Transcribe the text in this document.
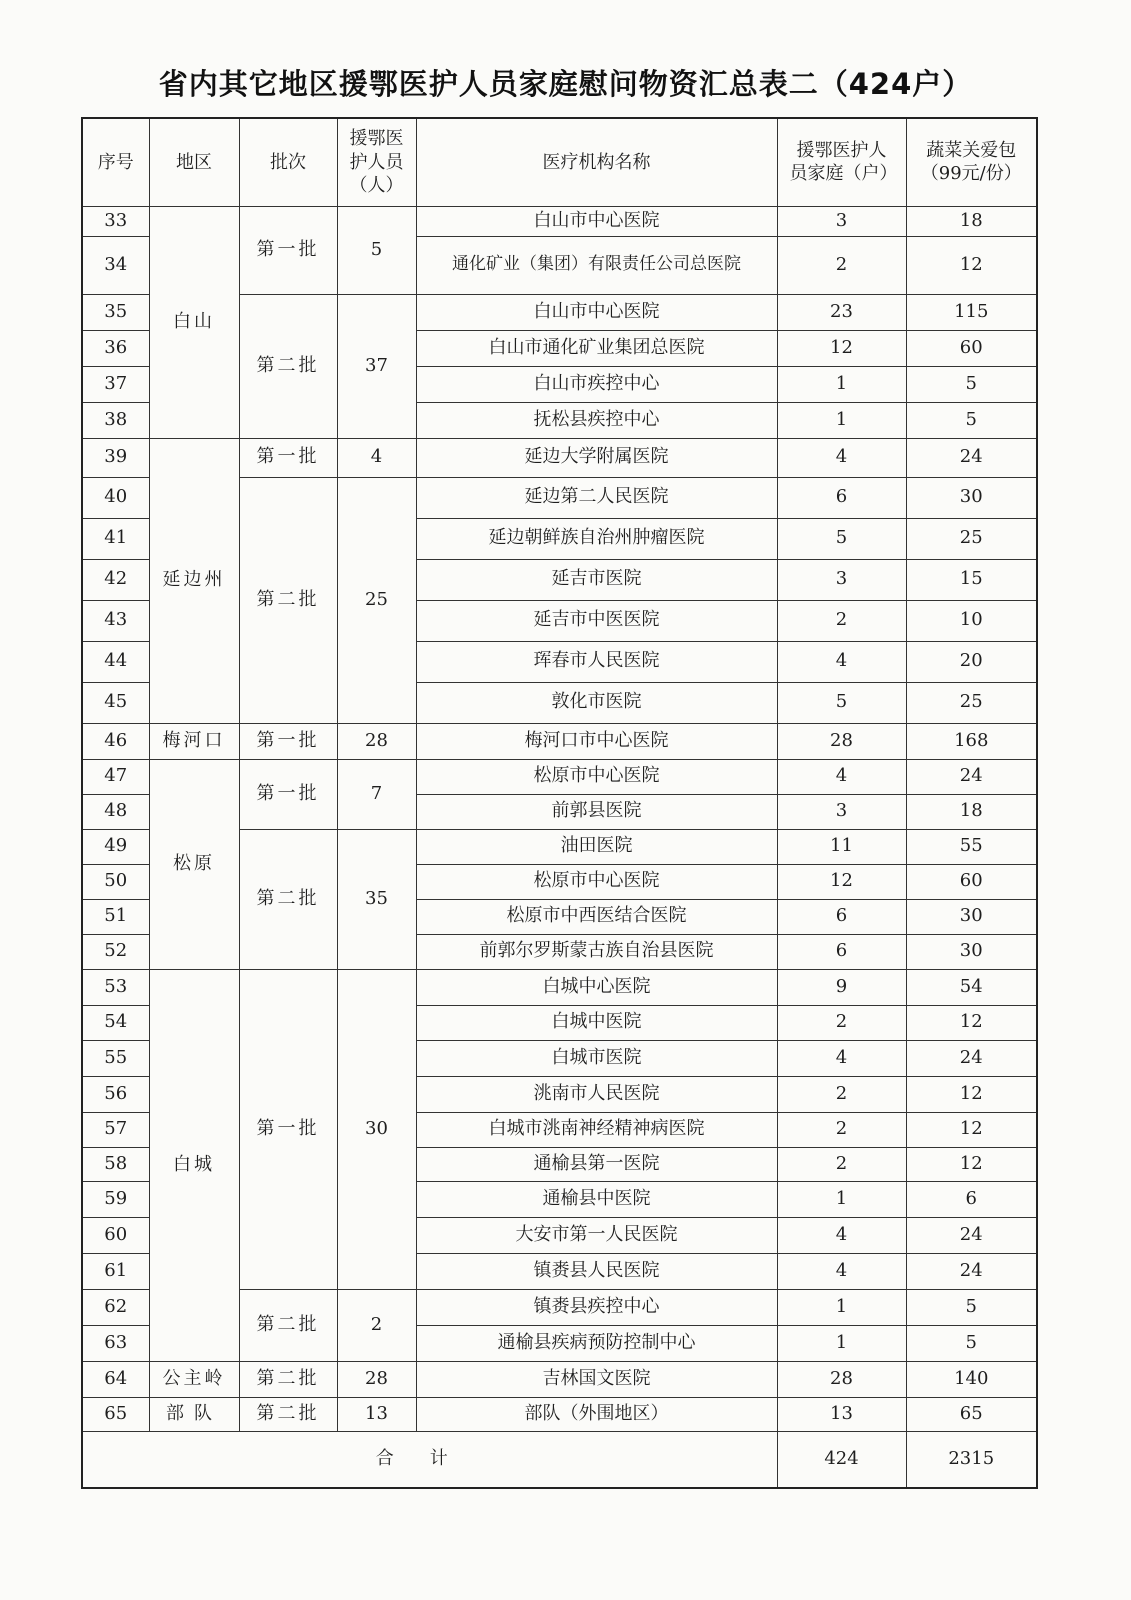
省内其它地区援鄂医护人员家庭慰问物资汇总表二（424户）
序号	地区	批次	援鄂医护人员（人）	医疗机构名称	援鄂医护人员家庭（户）	蔬菜关爱包（99元/份）
33	白山	第一批	5	白山市中心医院	3	18
34				通化矿业（集团）有限责任公司总医院	2	12
35		第二批	37	白山市中心医院	23	115
36				白山市通化矿业集团总医院	12	60
37				白山市疾控中心	1	5
38				抚松县疾控中心	1	5
39	延边州	第一批	4	延边大学附属医院	4	24
40		第二批	25	延边第二人民医院	6	30
41				延边朝鲜族自治州肿瘤医院	5	25
42				延吉市医院	3	15
43				延吉市中医医院	2	10
44				珲春市人民医院	4	20
45				敦化市医院	5	25
46	梅河口	第一批	28	梅河口市中心医院	28	168
47	松原	第一批	7	松原市中心医院	4	24
48				前郭县医院	3	18
49		第二批	35	油田医院	11	55
50				松原市中心医院	12	60
51				松原市中西医结合医院	6	30
52				前郭尔罗斯蒙古族自治县医院	6	30
53	白城	第一批	30	白城中心医院	9	54
54				白城中医院	2	12
55				白城市医院	4	24
56				洮南市人民医院	2	12
57				白城市洮南神经精神病医院	2	12
58				通榆县第一医院	2	12
59				通榆县中医院	1	6
60				大安市第一人民医院	4	24
61				镇赉县人民医院	4	24
62		第二批	2	镇赉县疾控中心	1	5
63				通榆县疾病预防控制中心	1	5
64	公主岭	第二批	28	吉林国文医院	28	140
65	部队	第二批	13	部队（外围地区）	13	65
合计					424	2315
